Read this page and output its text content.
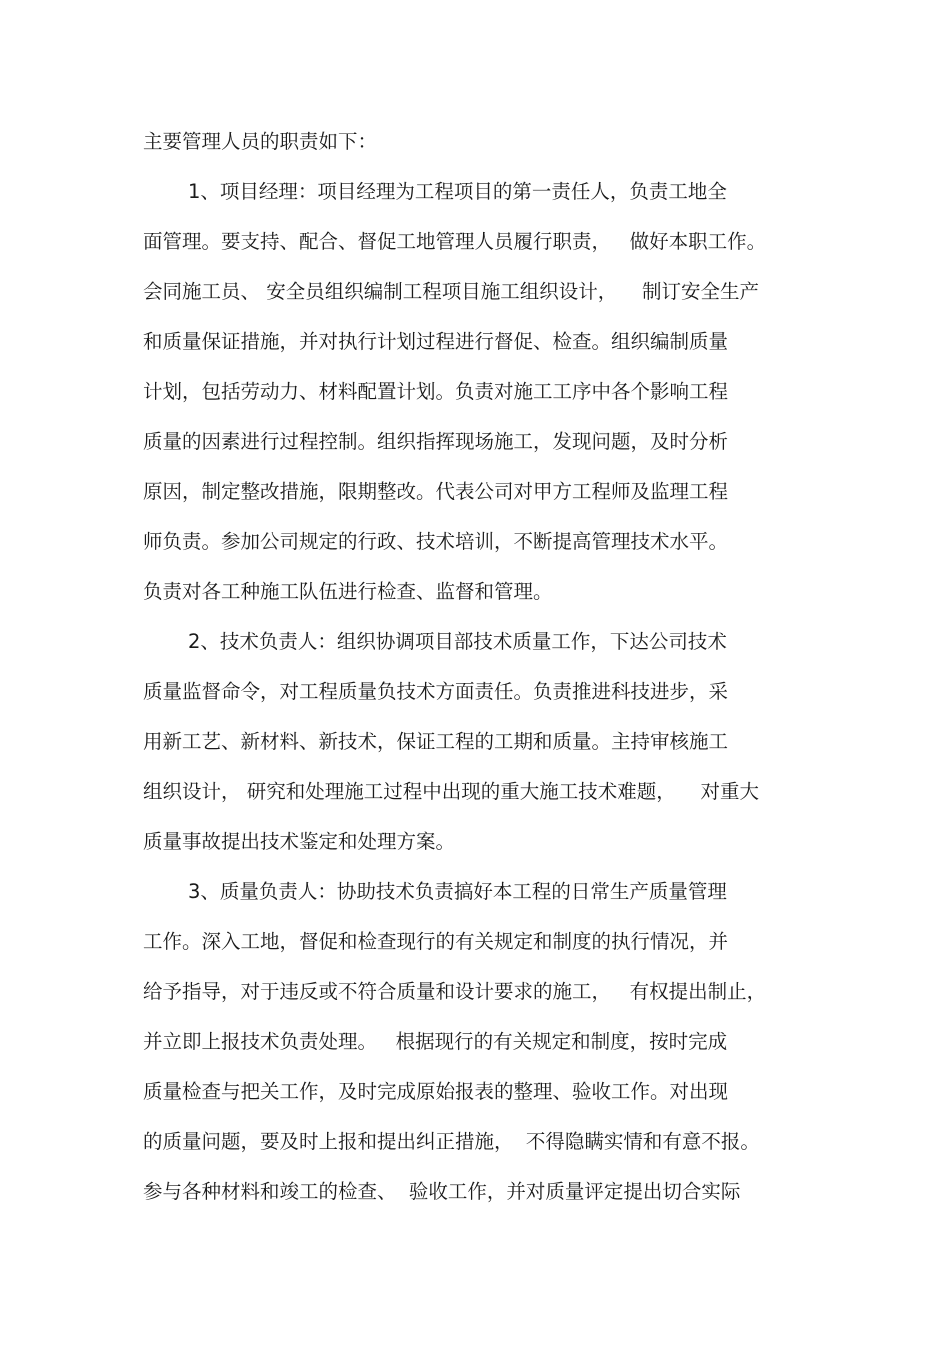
主要管理人员的职责如下：
1、项目经理：项目经理为工程项目的第一责任人，负责工地全
面管理。要支持、配合、督促工地管理人员履行职责，   做好本职工作。
会同施工员、 安全员组织编制工程项目施工组织设计，    制订安全生产
和质量保证措施，并对执行计划过程进行督促、检查。组织编制质量
计划，包括劳动力、材料配置计划。负责对施工工序中各个影响工程
质量的因素进行过程控制。组织指挥现场施工，发现问题，及时分析
原因，制定整改措施，限期整改。代表公司对甲方工程师及监理工程
师负责。参加公司规定的行政、技术培训，不断提高管理技术水平。
负责对各工种施工队伍进行检查、监督和管理。
2、技术负责人：组织协调项目部技术质量工作，下达公司技术
质量监督命令，对工程质量负技术方面责任。负责推进科技进步，采
用新工艺、新材料、新技术，保证工程的工期和质量。主持审核施工
组织设计， 研究和处理施工过程中出现的重大施工技术难题，    对重大
质量事故提出技术鉴定和处理方案。
3、质量负责人：协助技术负责搞好本工程的日常生产质量管理
工作。深入工地，督促和检查现行的有关规定和制度的执行情况，并
给予指导，对于违反或不符合质量和设计要求的施工，   有权提出制止，
并立即上报技术负责处理。   根据现行的有关规定和制度，按时完成
质量检查与把关工作，及时完成原始报表的整理、验收工作。对出现
的质量问题，要及时上报和提出纠正措施，  不得隐瞒实情和有意不报。
参与各种材料和竣工的检查、  验收工作，并对质量评定提出切合实际
